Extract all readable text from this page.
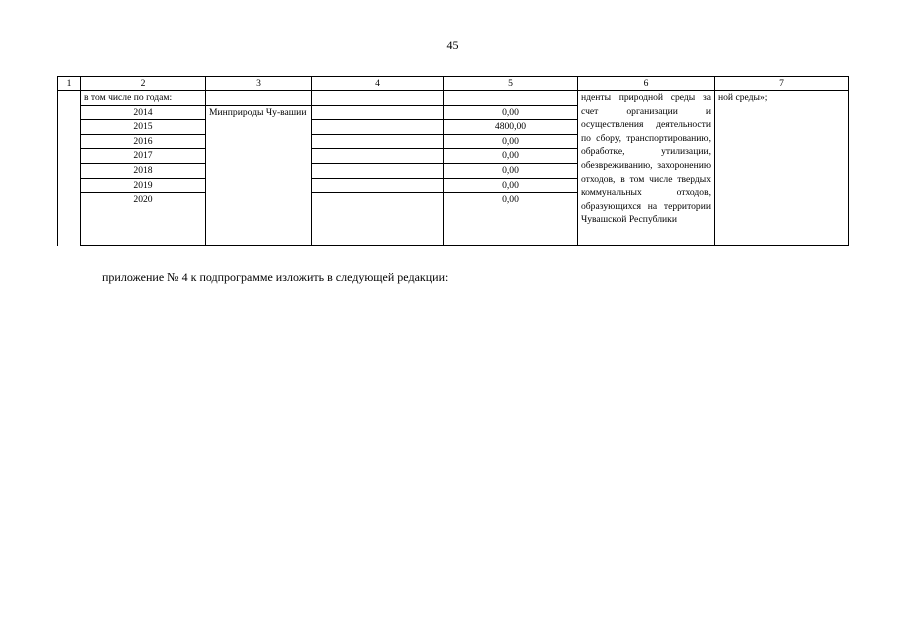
45
1	2	3	4	5	6	7
	в том числе по годам:				нденты природной среды за счет организации и осуществления деятельности по сбору, транспортированию, обработке, утилизации, обезвреживанию, захоронению отходов, в том числе твердых коммунальных отходов, образующихся на территории Чувашской Республики	ной среды»;
	2014	Минприроды Чу-вашии		0,00		
	2015			4800,00		
	2016			0,00		
	2017			0,00		
	2018			0,00		
	2019			0,00		
	2020			0,00		
приложение № 4 к подпрограмме изложить в следующей редакции:
